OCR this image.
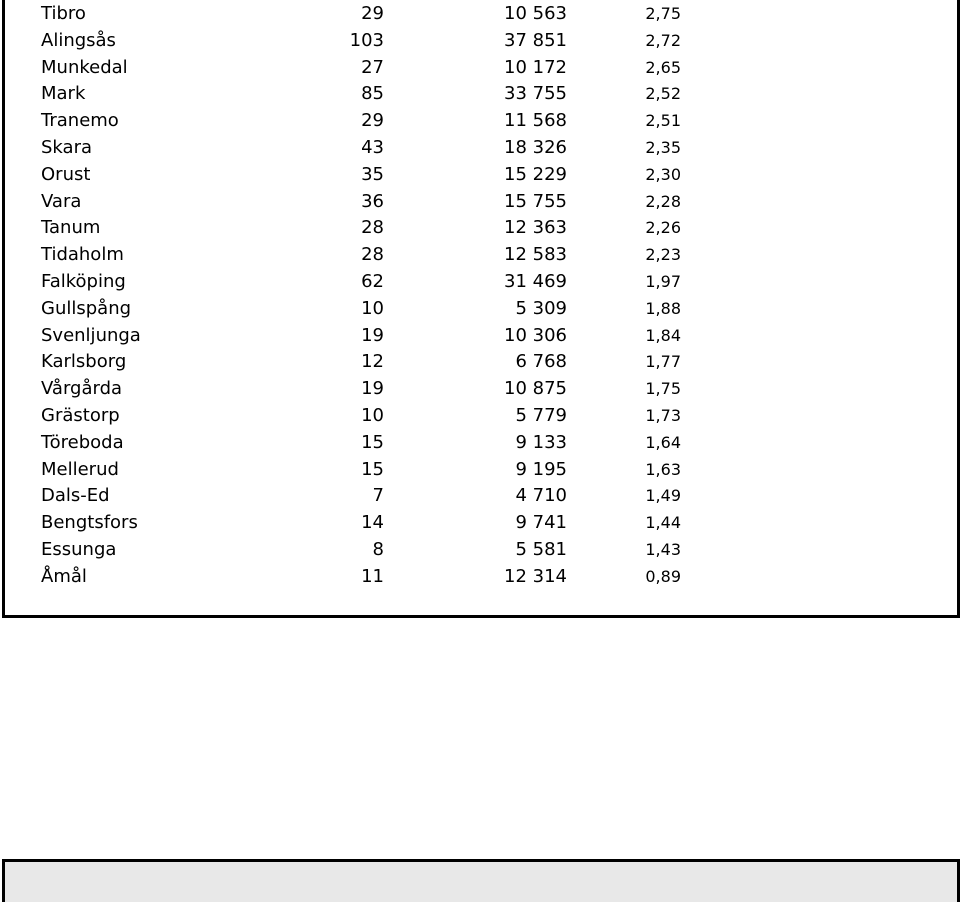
Tibro	29	10 563	2,75
Alingsås	103	37 851	2,72
Munkedal	27	10 172	2,65
Mark	85	33 755	2,52
Tranemo	29	11 568	2,51
Skara	43	18 326	2,35
Orust	35	15 229	2,30
Vara	36	15 755	2,28
Tanum	28	12 363	2,26
Tidaholm	28	12 583	2,23
Falköping	62	31 469	1,97
Gullspång	10	5 309	1,88
Svenljunga	19	10 306	1,84
Karlsborg	12	6 768	1,77
Vårgårda	19	10 875	1,75
Grästorp	10	5 779	1,73
Töreboda	15	9 133	1,64
Mellerud	15	9 195	1,63
Dals-Ed	7	4 710	1,49
Bengtsfors	14	9 741	1,44
Essunga	8	5 581	1,43
Åmål	11	12 314	0,89
